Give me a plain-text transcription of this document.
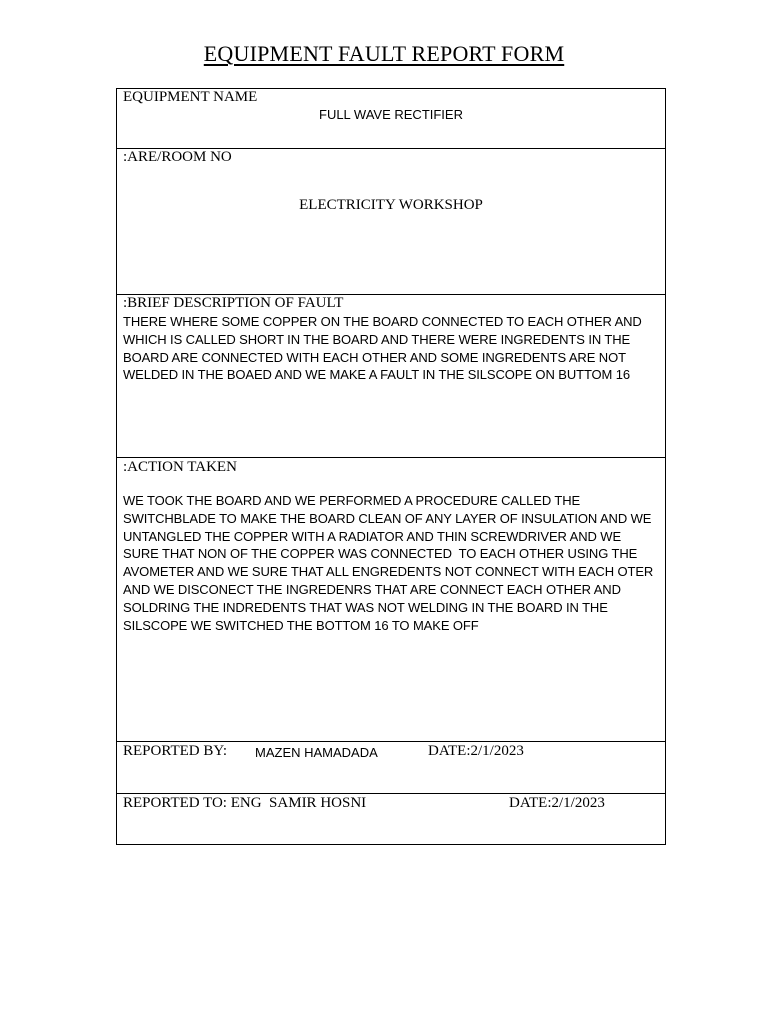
EQUIPMENT FAULT REPORT FORM
EQUIPMENT NAME
FULL WAVE RECTIFIER
:ARE/ROOM NO
ELECTRICITY WORKSHOP
:BRIEF DESCRIPTION OF FAULT
THERE WHERE SOME COPPER ON THE BOARD CONNECTED TO EACH OTHER AND
WHICH IS CALLED SHORT IN THE BOARD AND THERE WERE INGREDENTS IN THE
BOARD ARE CONNECTED WITH EACH OTHER AND SOME INGREDENTS ARE NOT
WELDED IN THE BOAED AND WE MAKE A FAULT IN THE SILSCOPE ON BUTTOM 16
:ACTION TAKEN
WE TOOK THE BOARD AND WE PERFORMED A PROCEDURE CALLED THE
SWITCHBLADE TO MAKE THE BOARD CLEAN OF ANY LAYER OF INSULATION AND WE
UNTANGLED THE COPPER WITH A RADIATOR AND THIN SCREWDRIVER AND WE
SURE THAT NON OF THE COPPER WAS CONNECTED  TO EACH OTHER USING THE
AVOMETER AND WE SURE THAT ALL ENGREDENTS NOT CONNECT WITH EACH OTER
AND WE DISCONECT THE INGREDENRS THAT ARE CONNECT EACH OTHER AND
SOLDRING THE INDREDENTS THAT WAS NOT WELDING IN THE BOARD IN THE
SILSCOPE WE SWITCHED THE BOTTOM 16 TO MAKE OFF
REPORTED BY: MAZEN HAMADADA	DATE:2/1/2023
REPORTED TO: ENG  SAMIR HOSNI	DATE:2/1/2023
